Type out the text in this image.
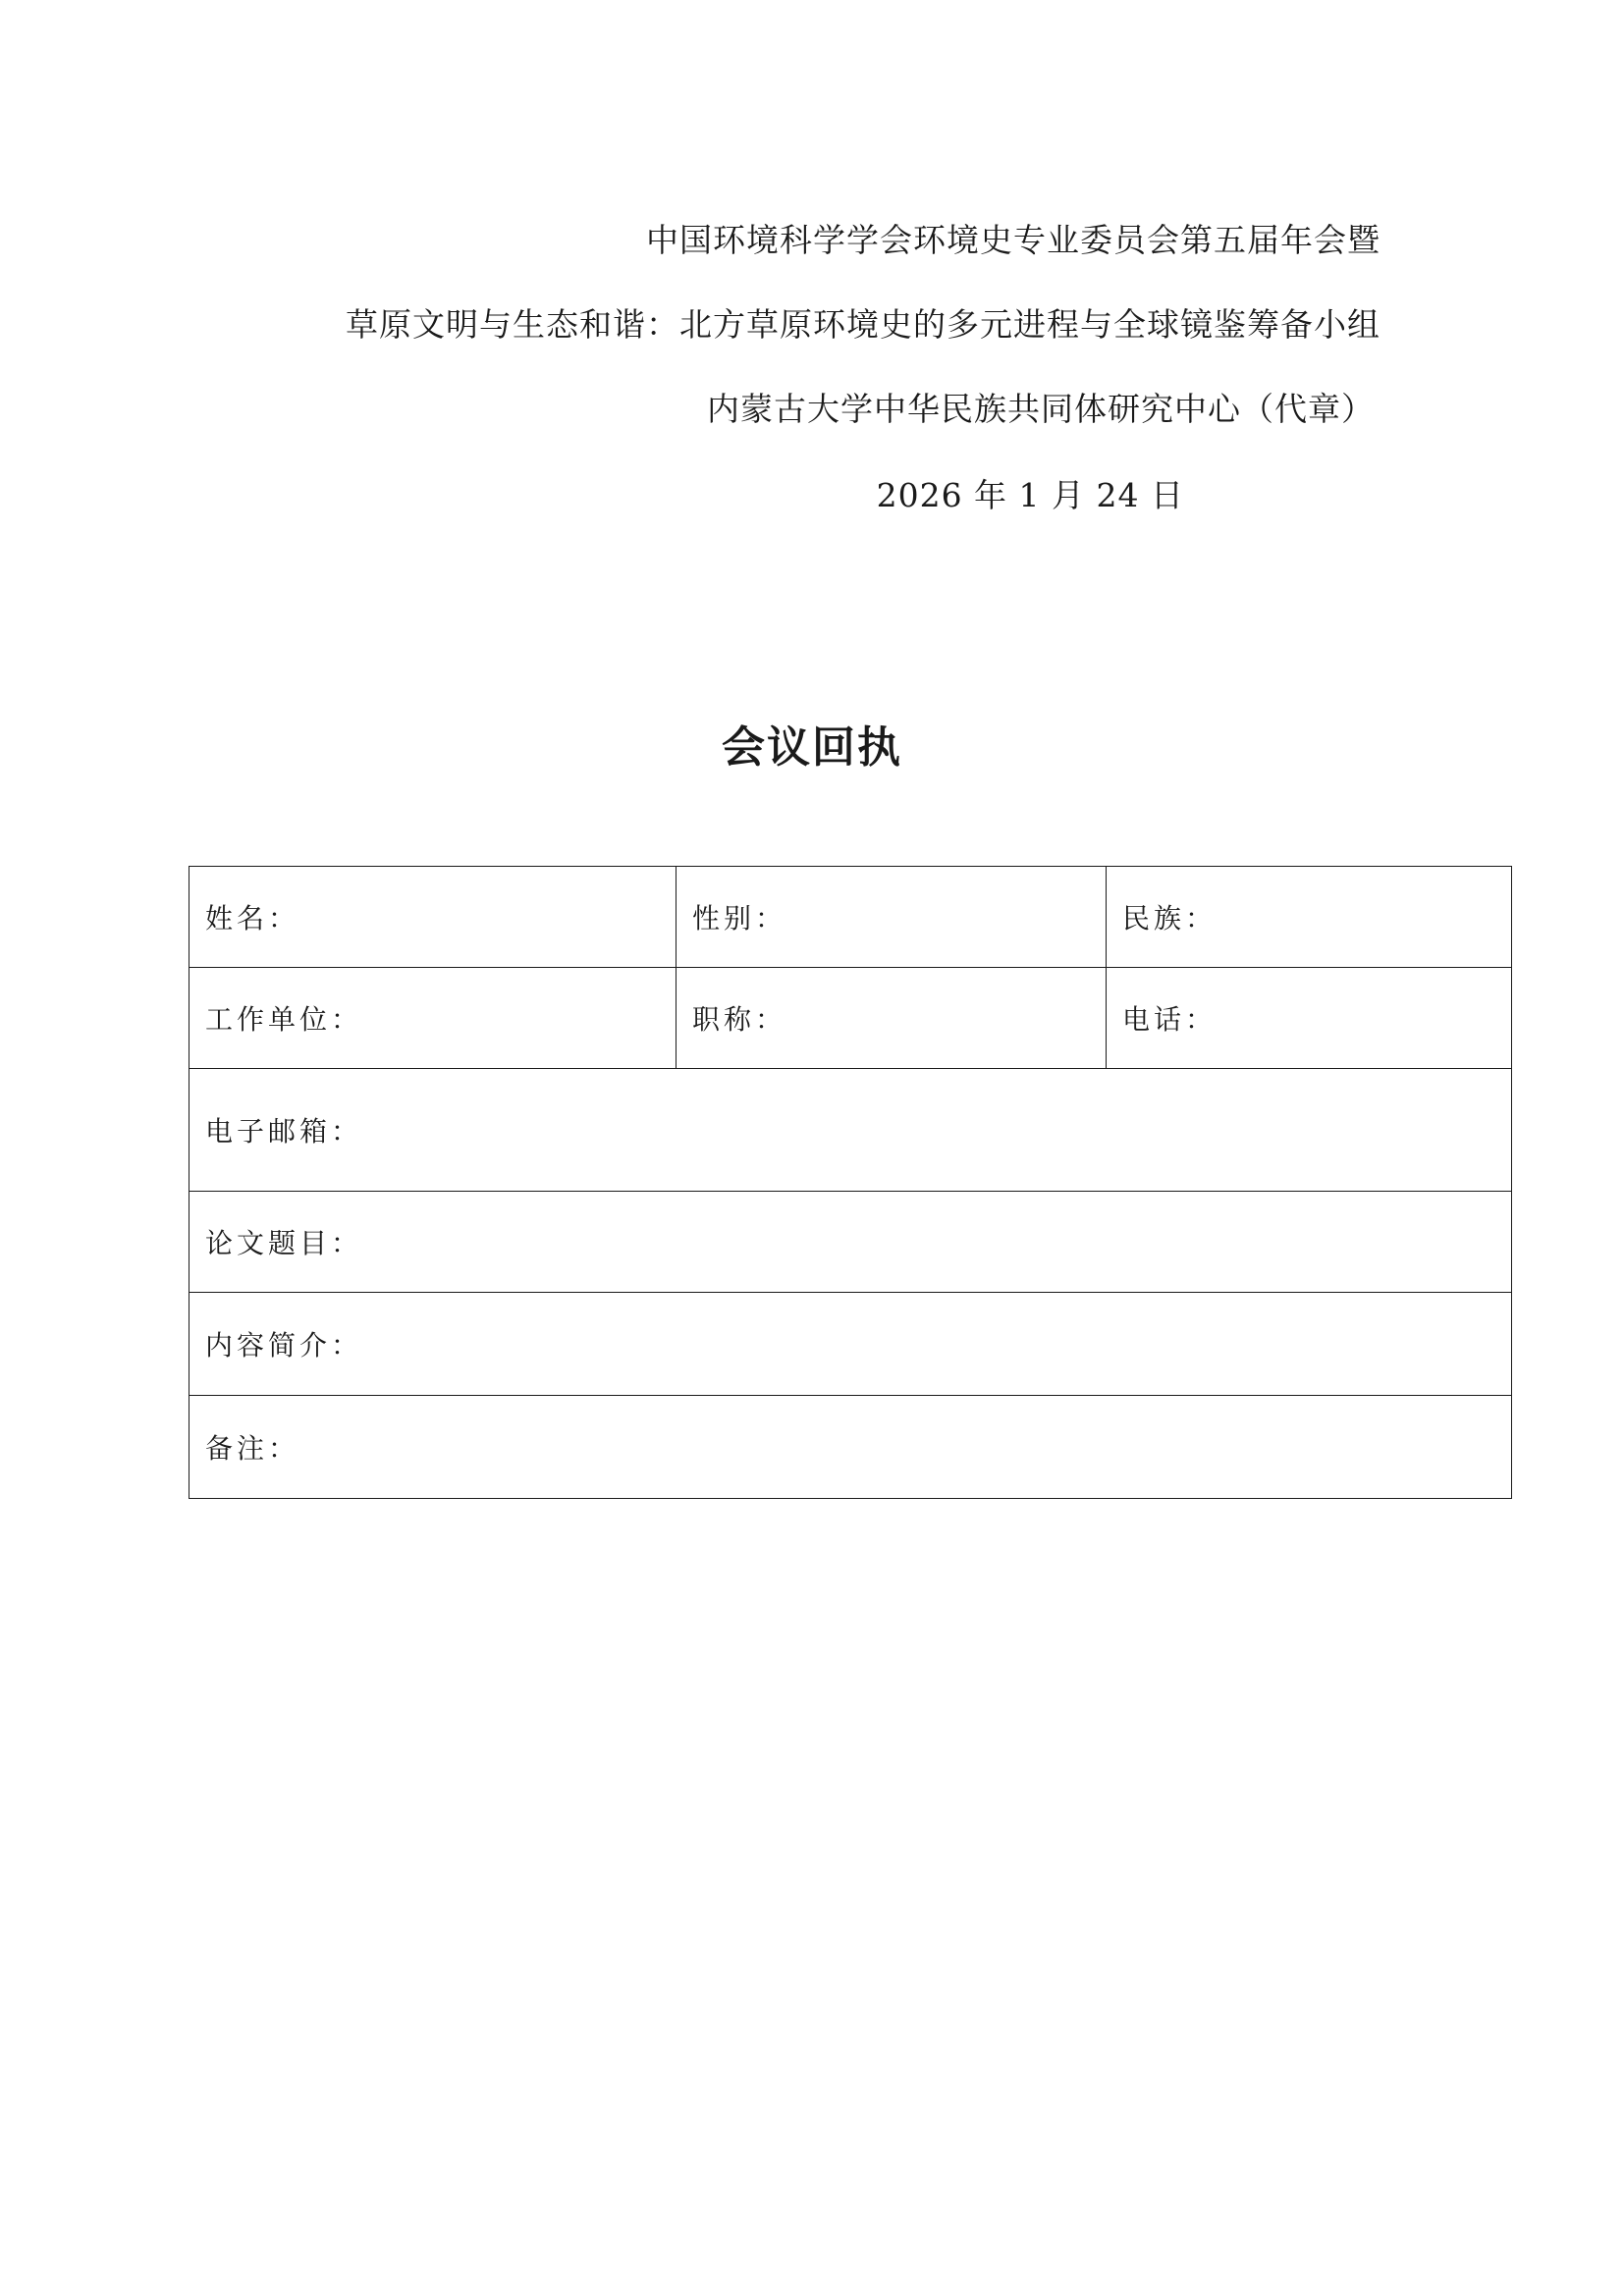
中国环境科学学会环境史专业委员会第五届年会暨
草原文明与生态和谐：北方草原环境史的多元进程与全球镜鉴筹备小组
内蒙古大学中华民族共同体研究中心（代章）
2026 年 1 月 24 日
会议回执
姓名：	性别：	民族：
工作单位：	职称：	电话：
电子邮箱：		
论文题目：		
内容简介：		
备注：		
